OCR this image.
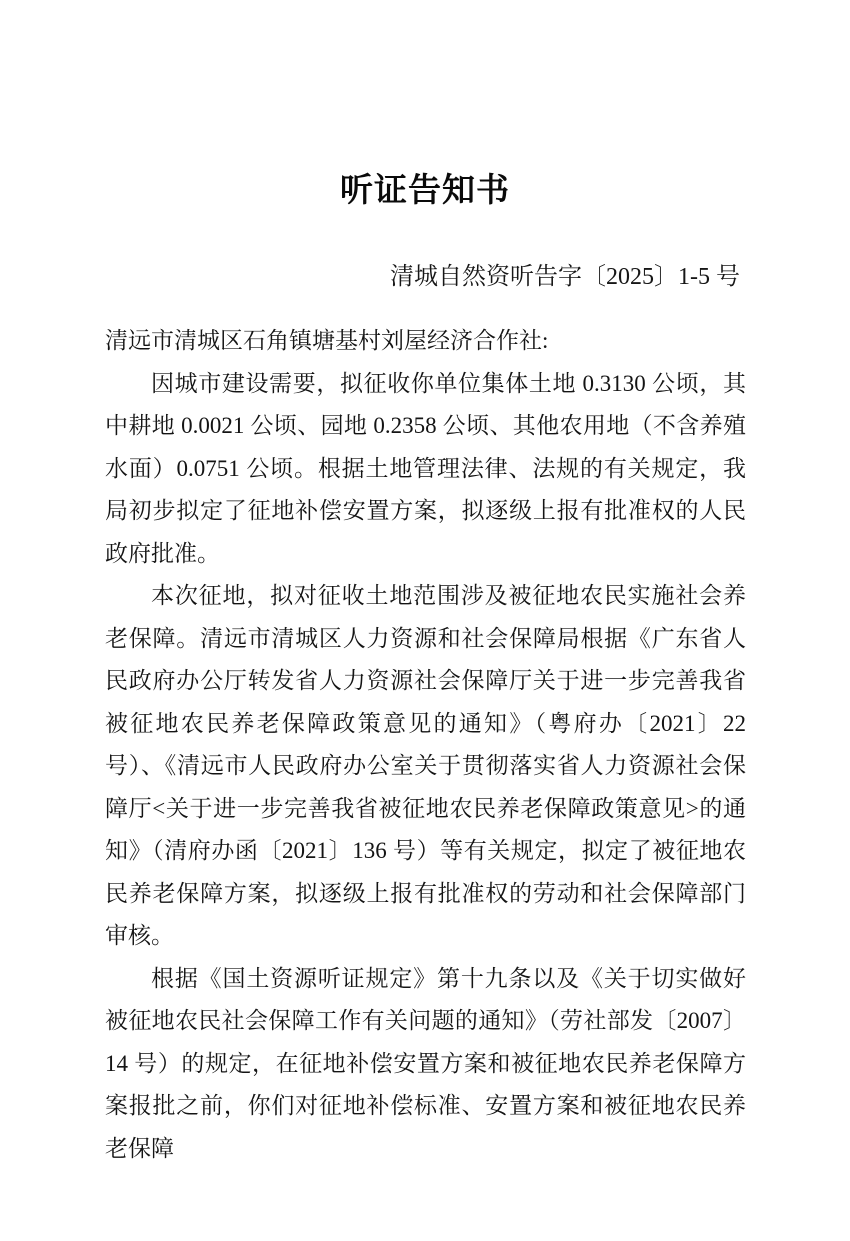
听证告知书
清城自然资听告字〔2025〕1-5 号

清远市清城区石角镇塘基村刘屋经济合作社:

因城市建设需要，拟征收你单位集体土地 0.3130 公顷，其中耕地 0.0021 公顷、园地 0.2358 公顷、其他农用地（不含养殖水面）0.0751 公顷。根据土地管理法律、法规的有关规定，我局初步拟定了征地补偿安置方案，拟逐级上报有批准权的人民政府批准。

本次征地，拟对征收土地范围涉及被征地农民实施社会养老保障。清远市清城区人力资源和社会保障局根据《广东省人民政府办公厅转发省人力资源社会保障厅关于进一步完善我省被征地农民养老保障政策意见的通知》（粤府办〔2021〕22 号）、《清远市人民政府办公室关于贯彻落实省人力资源社会保障厅<关于进一步完善我省被征地农民养老保障政策意见>的通知》（清府办函〔2021〕136 号）等有关规定，拟定了被征地农民养老保障方案，拟逐级上报有批准权的劳动和社会保障部门审核。

根据《国土资源听证规定》第十九条以及《关于切实做好被征地农民社会保障工作有关问题的通知》（劳社部发〔2007〕14 号）的规定，在征地补偿安置方案和被征地农民养老保障方案报批之前，你们对征地补偿标准、安置方案和被征地农民养老保障
